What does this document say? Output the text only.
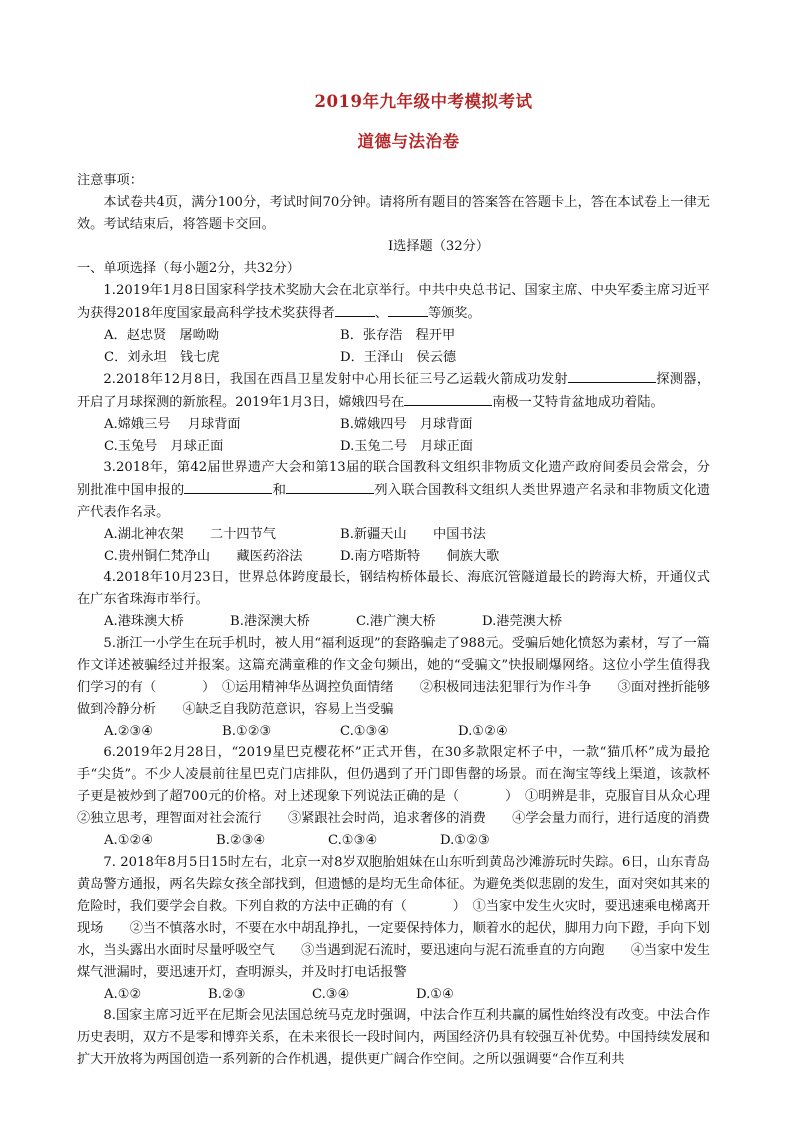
2019年九年级中考模拟考试
道德与法治卷
注意事项：

本试卷共4页，满分100分，考试时间70分钟。请将所有题目的答案答在答题卡上，答在本试卷上一律无效。考试结束后，将答题卡交回。

Ⅰ选择题（32分）
一、单项选择（每小题2分，共32分）

1.2019年1月8日国家科学技术奖励大会在北京举行。中共中央总书记、国家主席、中央军委主席习近平为获得2018年度国家最高科学技术奖获得者	、	等颁奖。

A．赵忠贤　屠呦呦	B．张存浩　程开甲
C．刘永坦　钱七虎	D．王泽山　侯云德

2.2018年12月8日，我国在西昌卫星发射中心用长征三号乙运载火箭成功发射	探测器，开启了月球探测的新旅程。2019年1月3日，嫦娥四号在	南极一艾特肯盆地成功着陆。

A.嫦娥三号　 月球背面	B.嫦娥四号　月球背面
C.玉兔号　月球正面	D.玉兔二号　月球正面

3.2018年，第42届世界遗产大会和第13届的联合国教科文组织非物质文化遗产政府间委员会常会，分别批准中国申报的	和	列入联合国教科文组织人类世界遗产名录和非物质文化遗产代表作名录。

A.湖北神农架　　二十四节气	B.新疆天山　　中国书法
C.贵州铜仁梵净山　　藏医药浴法	D.南方嗒斯特　　侗族大歌

4.2018年10月23日，世界总体跨度最长，钢结构桥体最长、海底沉管隧道最长的跨海大桥，开通仪式在广东省珠海市举行。

A.港珠澳大桥	B.港深澳大桥	C.港广澳大桥	D.港莞澳大桥

5.浙江一小学生在玩手机时，被人用“福利返现”的套路骗走了988元。受骗后她化愤怒为素材，写了一篇作文详述被骗经过并报案。这篇充满童稚的作文金句频出，她的“受骗文”快报刷爆网络。这位小学生值得我们学习的有（	）　①运用精神华丛调控负面情绪　　②积极同违法犯罪行为作斗争　　③面对挫折能够做到冷静分析　　④缺乏自我防范意识，容易上当受骗

A.②③④	B.①②③	C.①③④	D.①②④

6.2019年2月28日，“2019星巴克樱花杯”正式开售，在30多款限定杯子中，一款“猫爪杯”成为最抢手“尖货”。不少人凌晨前往星巴克门店排队，但仍遇到了开门即售罄的场景。而在淘宝等线上渠道，该款杯子更是被炒到了超700元的价格。对上述现象下列说法正确的是（	）　①明辨是非，克服盲目从众心理　　②独立思考，理智面对社会流行　　③紧跟社会时尚，追求奢侈的消费　　④学会量力而行，进行适度的消费

A.①②④	B.②③④	C.①③④	D.①②③

7. 2018年8月5日15时左右，北京一对8岁双胞胎姐妹在山东听到黄岛沙滩游玩时失踪。6日，山东青岛黄岛警方通报，两名失踪女孩全部找到，但遗憾的是均无生命体征。为避免类似悲剧的发生，面对突如其来的危险时，我们要学会自救。下列自救的方法中正确的有（	）　①当家中发生火灾时，要迅速乘电梯离开现场　　②当不慎落水时，不要在水中胡乱挣扎，一定要保持体力，顺着水的起伏，脚用力向下蹬，手向下划水，当头露出水面时尽量呼吸空气　　③当遇到泥石流时，要迅速向与泥石流垂直的方向跑　　④当家中发生煤气泄漏时，要迅速开灯，查明源头，并及时打电话报警

A.①②	B.②③	C.③④	D.①④

8.国家主席习近平在尼斯会见法国总统马克龙时强调，中法合作互利共赢的属性始终没有改变。中法合作历史表明，双方不是零和博弈关系，在未来很长一段时间内，两国经济仍具有较强互补优势。中国持续发展和扩大开放将为两国创造一系列新的合作机遇，提供更广阔合作空间。之所以强调要“合作互利共
